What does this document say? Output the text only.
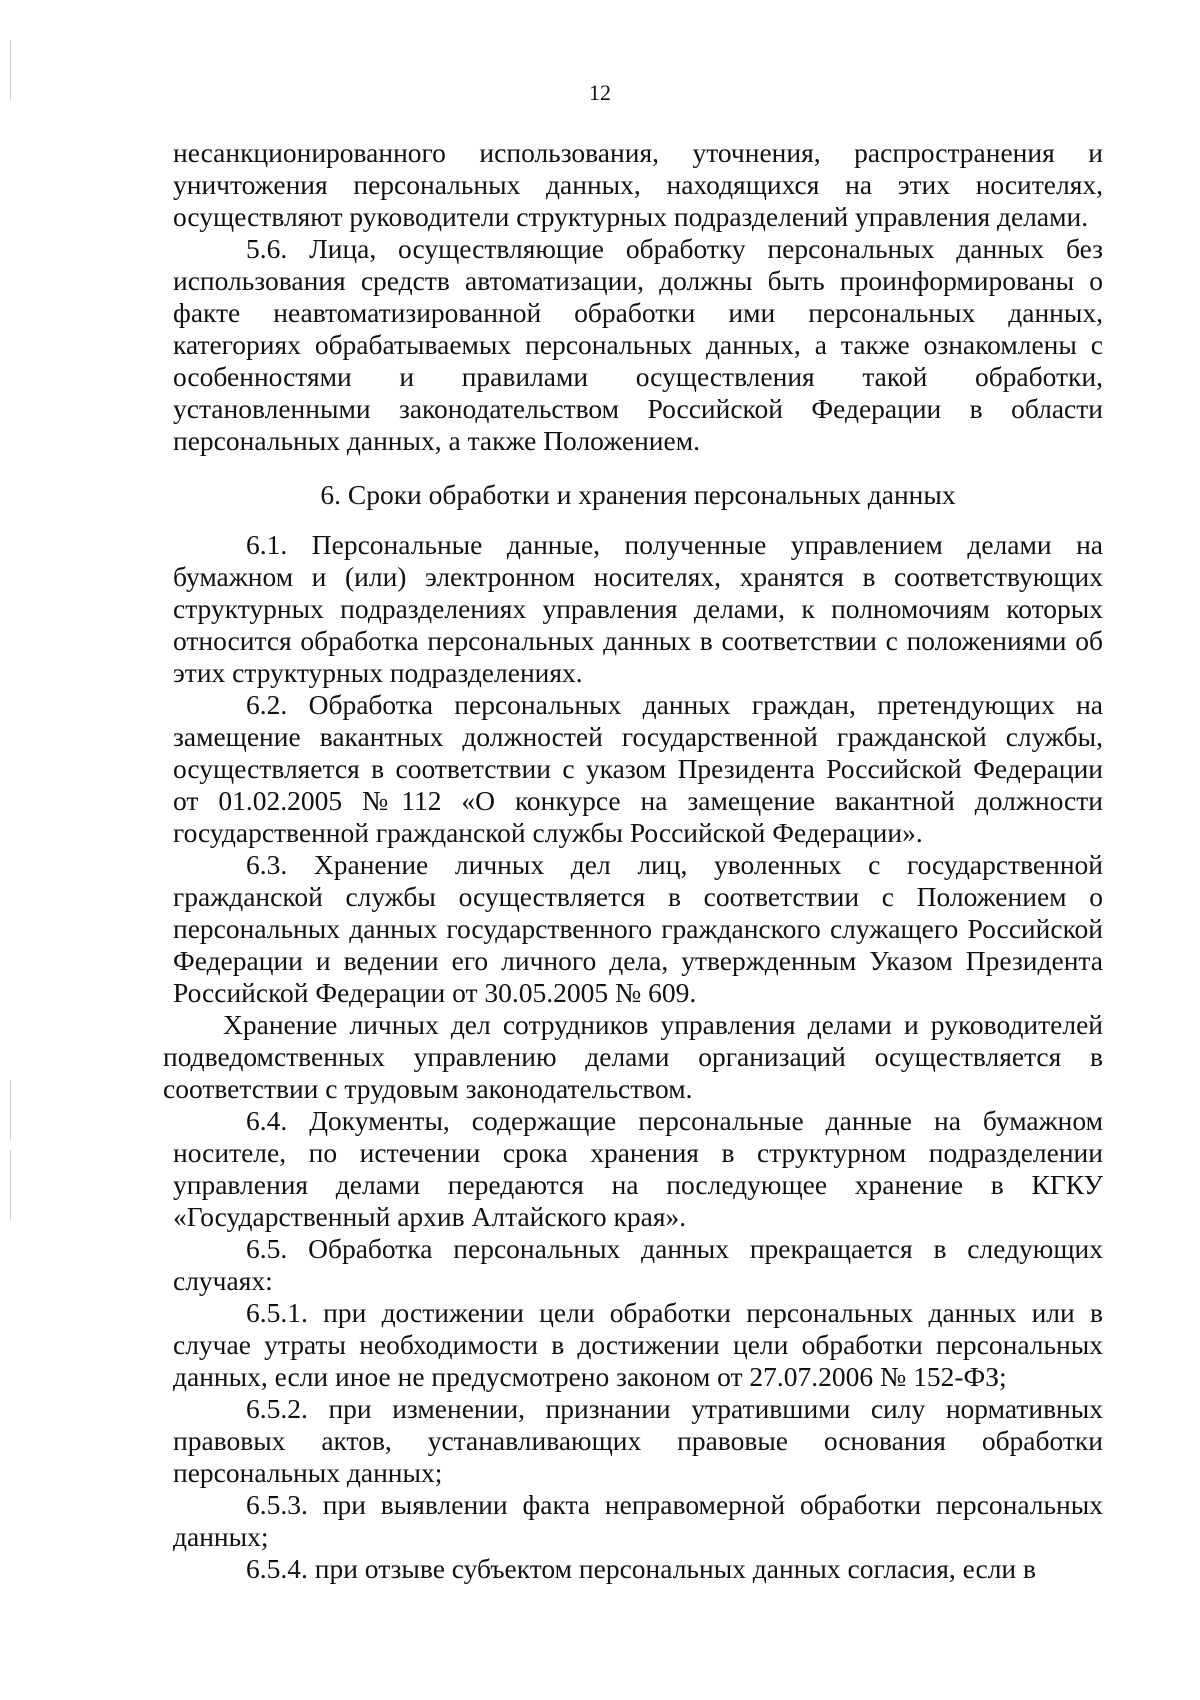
12

несанкционированного использования, уточнения, распространения и уничтожения персональных данных, находящихся на этих носителях, осуществляют руководители структурных подразделений управления делами.

5.6. Лица, осуществляющие обработку персональных данных без использования средств автоматизации, должны быть проинформированы о факте неавтоматизированной обработки ими персональных данных, категориях обрабатываемых персональных данных, а также ознакомлены с особенностями и правилами осуществления такой обработки, установленными законодательством Российской Федерации в области персональных данных, а также Положением.

6. Сроки обработки и хранения персональных данных

6.1. Персональные данные, полученные управлением делами на бумажном и (или) электронном носителях, хранятся в соответствующих структурных подразделениях управления делами, к полномочиям которых относится обработка персональных данных в соответствии с положениями об этих структурных подразделениях.

6.2. Обработка персональных данных граждан, претендующих на замещение вакантных должностей государственной гражданской службы, осуществляется в соответствии с указом Президента Российской Федерации от 01.02.2005 №112 «О конкурсе на замещение вакантной должности государственной гражданской службы Российской Федерации».

6.3. Хранение личных дел лиц, уволенных с государственной гражданской службы осуществляется в соответствии с Положением о персональных данных государственного гражданского служащего Российской Федерации и ведении его личного дела, утвержденным Указом Президента Российской Федерации от 30.05.2005 № 609.

Хранение личных дел сотрудников управления делами и руководителей подведомственных управлению делами организаций осуществляется в соответствии с трудовым законодательством.

6.4. Документы, содержащие персональные данные на бумажном носителе, по истечении срока хранения в структурном подразделении управления делами передаются на последующее хранение в КГКУ «Государственный архив Алтайского края».

6.5. Обработка персональных данных прекращается в следующих случаях:

6.5.1. при достижении цели обработки персональных данных или в случае утраты необходимости в достижении цели обработки персональных данных, если иное не предусмотрено законом от 27.07.2006 № 152-ФЗ;

6.5.2. при изменении, признании утратившими силу нормативных правовых актов, устанавливающих правовые основания обработки персональных данных;

6.5.3. при выявлении факта неправомерной обработки персональных данных;

6.5.4. при отзыве субъектом персональных данных согласия, если в
